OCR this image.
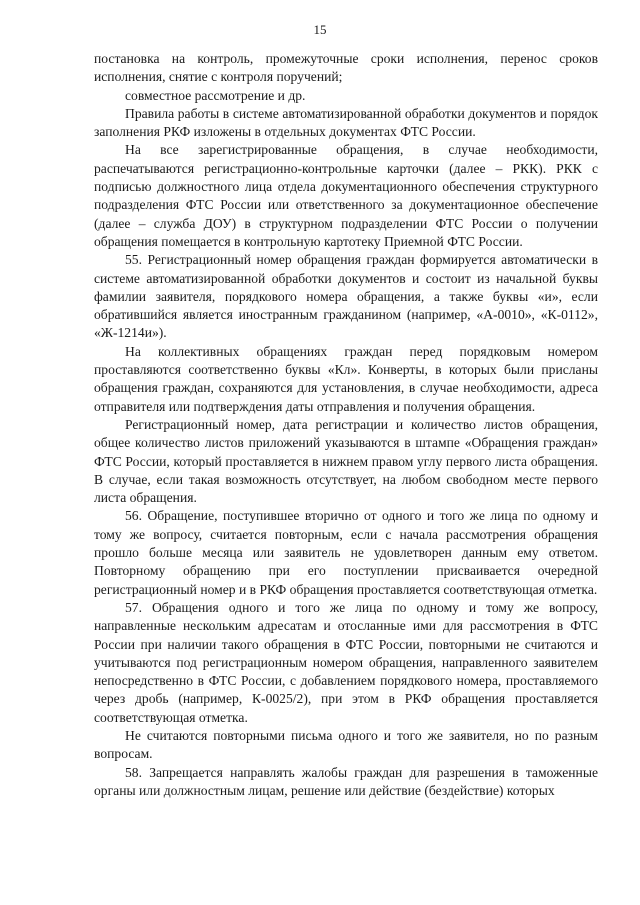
15

постановка на контроль, промежуточные сроки исполнения, перенос сроков исполнения, снятие с контроля поручений;

совместное рассмотрение и др.

Правила работы в системе автоматизированной обработки документов и порядок заполнения РКФ изложены в отдельных документах ФТС России.

На все зарегистрированные обращения, в случае необходимости, распечатываются регистрационно-контрольные карточки (далее – РКК). РКК с подписью должностного лица отдела документационного обеспечения структурного подразделения ФТС России или ответственного за документационное обеспечение (далее – служба ДОУ) в структурном подразделении ФТС России о получении обращения помещается в контрольную картотеку Приемной ФТС России.

55. Регистрационный номер обращения граждан формируется автоматически в системе автоматизированной обработки документов и состоит из начальной буквы фамилии заявителя, порядкового номера обращения, а также буквы «и», если обратившийся является иностранным гражданином (например, «А-0010», «К-0112», «Ж-1214и»).

На коллективных обращениях граждан перед порядковым номером проставляются соответственно буквы «Кл». Конверты, в которых были присланы обращения граждан, сохраняются для установления, в случае необходимости, адреса отправителя или подтверждения даты отправления и получения обращения.

Регистрационный номер, дата регистрации и количество листов обращения, общее количество листов приложений указываются в штампе «Обращения граждан» ФТС России, который проставляется в нижнем правом углу первого листа обращения. В случае, если такая возможность отсутствует, на любом свободном месте первого листа обращения.

56. Обращение, поступившее вторично от одного и того же лица по одному и тому же вопросу, считается повторным, если с начала рассмотрения обращения прошло больше месяца или заявитель не удовлетворен данным ему ответом. Повторному обращению при его поступлении присваивается очередной регистрационный номер и в РКФ обращения проставляется соответствующая отметка.

57. Обращения одного и того же лица по одному и тому же вопросу, направленные нескольким адресатам и отосланные ими для рассмотрения в ФТС России при наличии такого обращения в ФТС России, повторными не считаются и учитываются под регистрационным номером обращения, направленного заявителем непосредственно в ФТС России, с добавлением порядкового номера, проставляемого через дробь (например, К-0025/2), при этом в РКФ обращения проставляется соответствующая отметка.

Не считаются повторными письма одного и того же заявителя, но по разным вопросам.

58. Запрещается направлять жалобы граждан для разрешения в таможенные органы или должностным лицам, решение или действие (бездействие) которых
